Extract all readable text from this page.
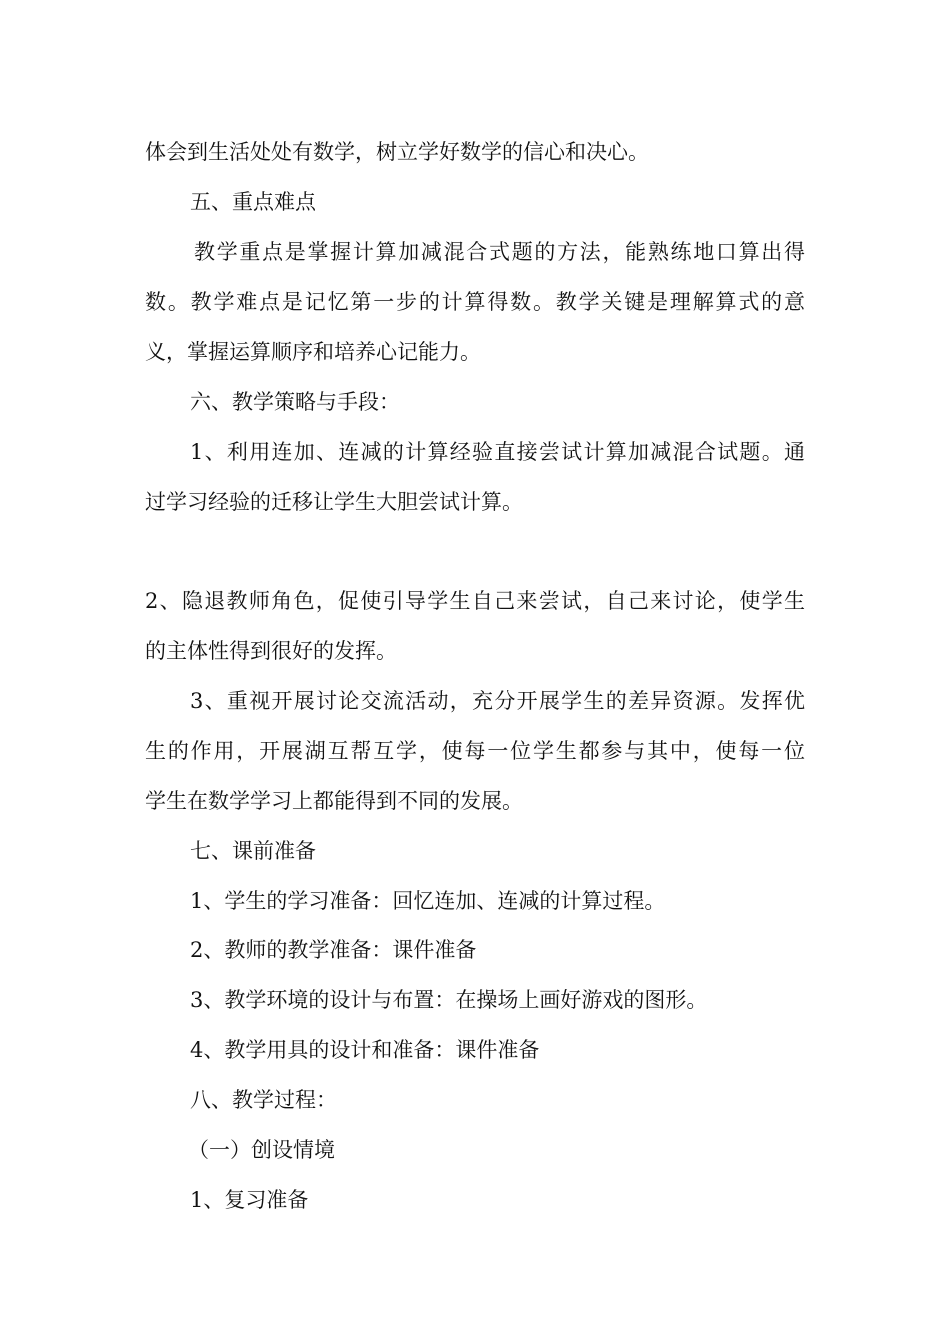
体会到生活处处有数学，树立学好数学的信心和决心。
五、重点难点
教学重点是掌握计算加减混合式题的方法，能熟练地口算出得
数。教学难点是记忆第一步的计算得数。教学关键是理解算式的意
义，掌握运算顺序和培养心记能力。
六、教学策略与手段：
1、利用连加、连减的计算经验直接尝试计算加减混合试题。通
过学习经验的迁移让学生大胆尝试计算。
2、隐退教师角色，促使引导学生自己来尝试，自己来讨论，使学生
的主体性得到很好的发挥。
3、重视开展讨论交流活动，充分开展学生的差异资源。发挥优
生的作用，开展湖互帮互学，使每一位学生都参与其中，使每一位
学生在数学学习上都能得到不同的发展。
七、课前准备
1、学生的学习准备：回忆连加、连减的计算过程。
2、教师的教学准备：课件准备
3、教学环境的设计与布置：在操场上画好游戏的图形。
4、教学用具的设计和准备：课件准备
八、教学过程：
（一）创设情境
1、复习准备
